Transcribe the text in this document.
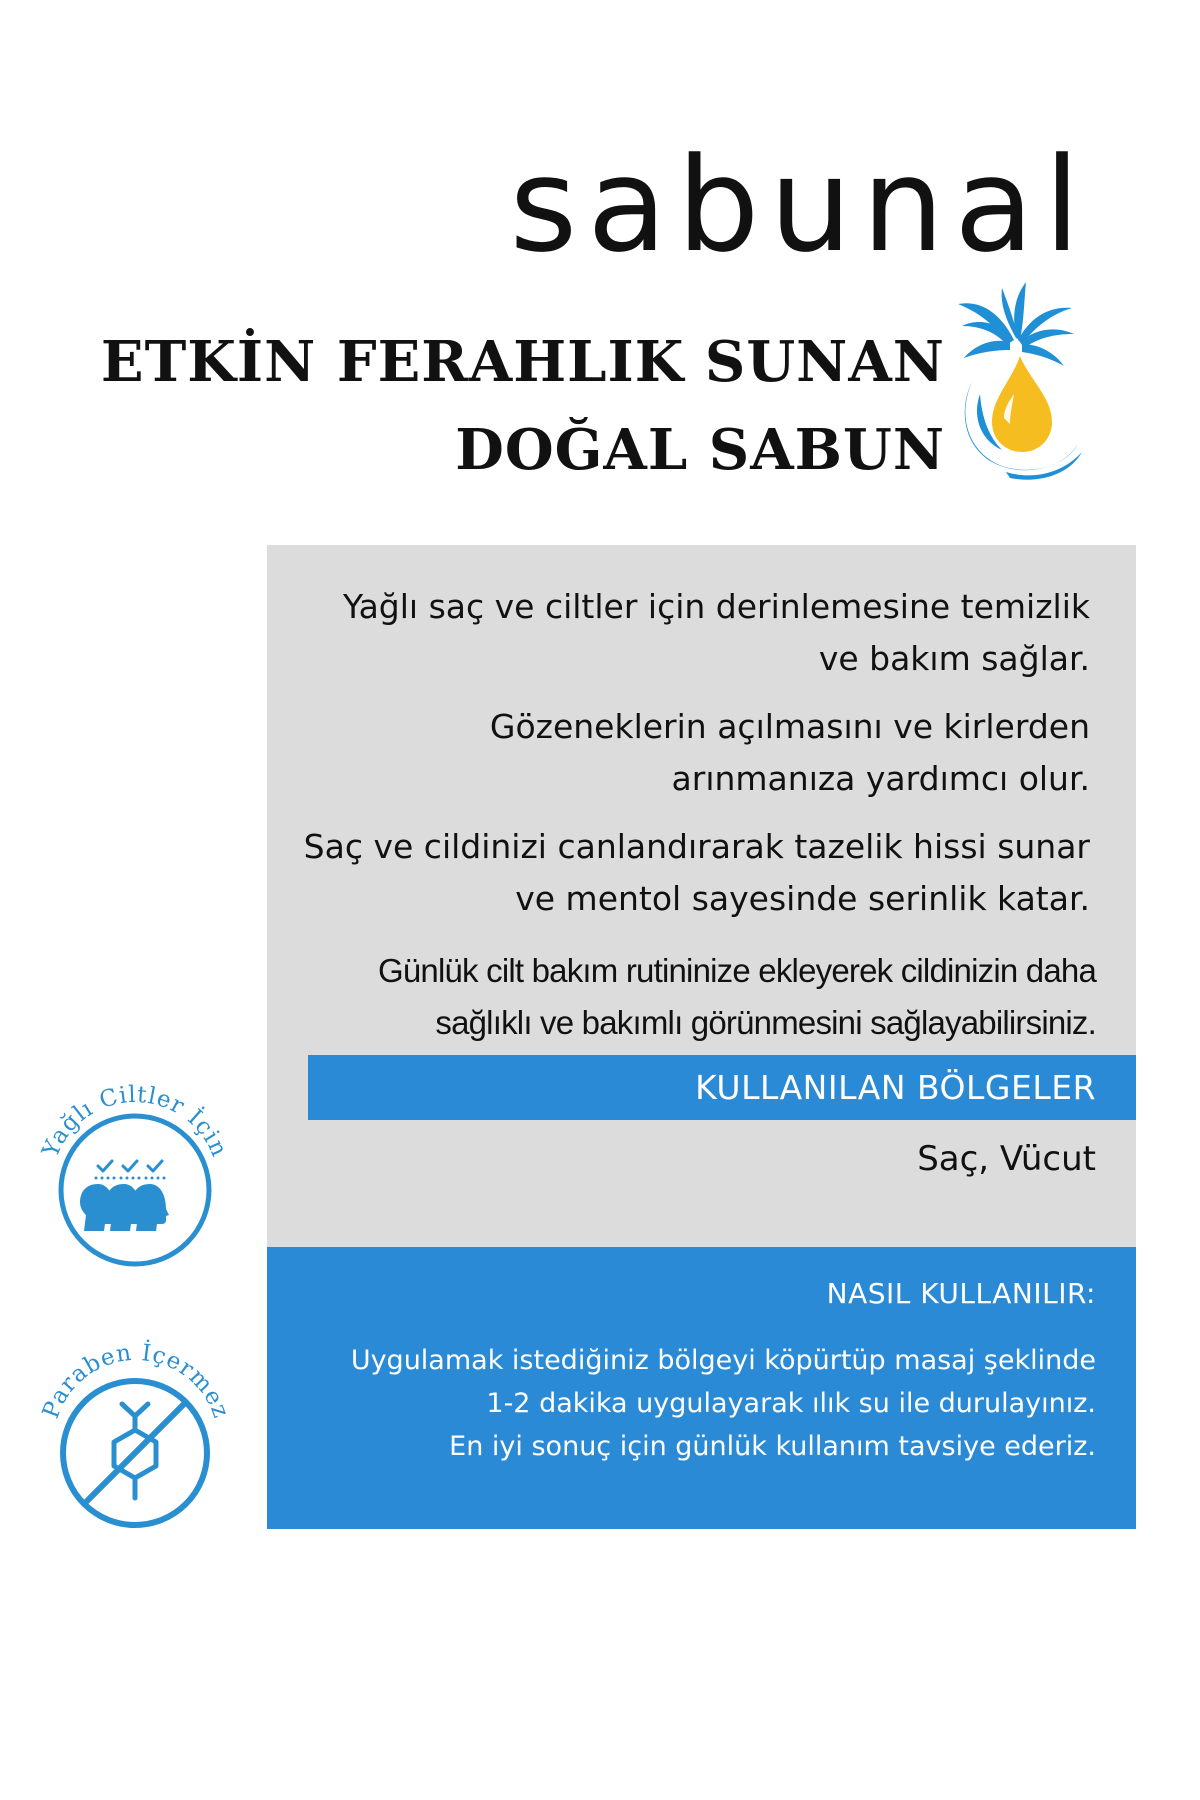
sabunal
ETKİN FERAHLIK SUNAN
DOĞAL SABUN

Yağlı saç ve ciltler için derinlemesine temizlik ve bakım sağlar.

Gözeneklerin açılmasını ve kirlerden arınmanıza yardımcı olur.

Saç ve cildinizi canlandırarak tazelik hissi sunar ve mentol sayesinde serinlik katar.

Günlük cilt bakım rutininize ekleyerek cildinizin daha sağlıklı ve bakımlı görünmesini sağlayabilirsiniz.

KULLANILAN BÖLGELER

Saç, Vücut

NASIL KULLANILIR:

Uygulamak istediğiniz bölgeyi köpürtüp masaj şeklinde
1-2 dakika uygulayarak ılık su ile durulayınız.
En iyi sonuç için günlük kullanım tavsiye ederiz.

Yağlı Ciltler İçin
Paraben İçermez
